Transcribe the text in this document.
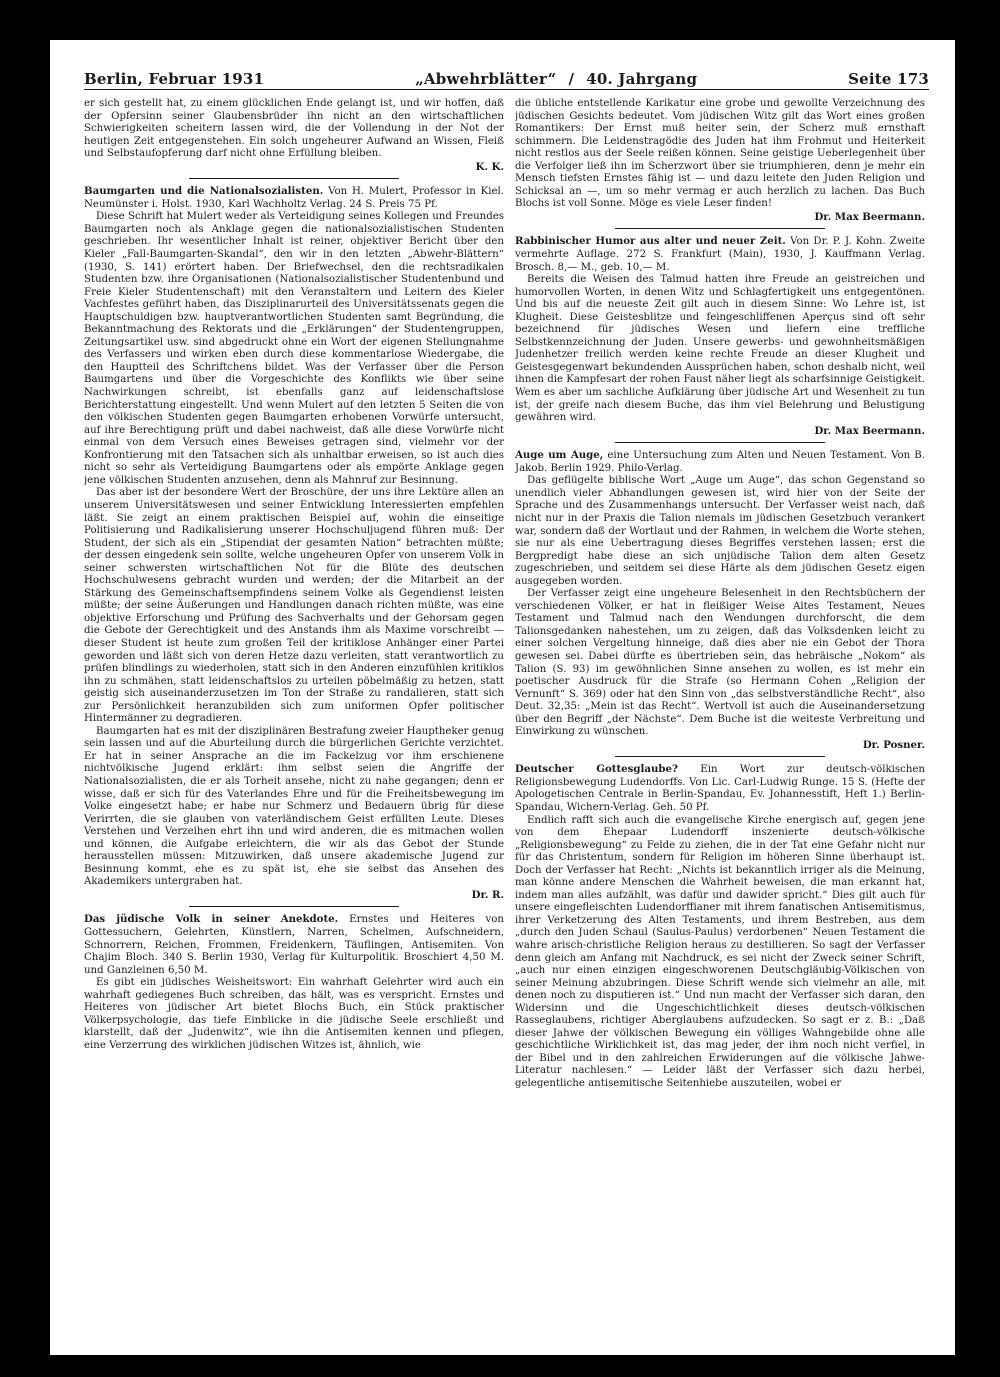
Berlin, Februar 1931	„Abwehrblätter“ / 40. Jahrgang	Seite 173

er sich gestellt hat, zu einem glücklichen Ende gelangt ist, und wir hoffen, daß der Opfersinn seiner Glaubensbrüder ihn nicht an den wirtschaftlichen Schwierigkeiten scheitern lassen wird, die der Vollendung in der Not der heutigen Zeit entgegenstehen. Ein solch ungeheurer Aufwand an Wissen, Fleiß und Selbstaufopferung darf nicht ohne Erfüllung bleiben.

K. K.

Baumgarten und die Nationalsozialisten. Von H. Mulert, Professor in Kiel. Neumünster i. Holst. 1930, Karl Wachholtz Verlag. 24 S. Preis 75 Pf.

Diese Schrift hat Mulert weder als Verteidigung seines Kollegen und Freundes Baumgarten noch als Anklage gegen die nationalsozialistischen Studenten geschrieben. Ihr wesentlicher Inhalt ist reiner, objektiver Bericht über den Kieler „Fall-Baumgarten-Skandal“, den wir in den letzten „Abwehr-Blättern“ (1930, S. 141) erörtert haben. Der Briefwechsel, den die rechtsradikalen Studenten bzw. ihre Organisationen (Nationalsozialistischer Studentenbund und Freie Kieler Studentenschaft) mit den Veranstaltern und Leitern des Kieler Vachfestes geführt haben, das Disziplinarurteil des Universitätssenats gegen die Hauptschuldigen bzw. hauptverantwortlichen Studenten samt Begründung, die Bekanntmachung des Rektorats und die „Erklärungen“ der Studentengruppen, Zeitungsartikel usw. sind abgedruckt ohne ein Wort der eigenen Stellungnahme des Verfassers und wirken eben durch diese kommentarlose Wiedergabe, die den Hauptteil des Schriftchens bildet. Was der Verfasser über die Person Baumgartens und über die Vorgeschichte des Konflikts wie über seine Nachwirkungen schreibt, ist ebenfalls ganz auf leidenschaftslose Berichterstattung eingestellt. Und wenn Mulert auf den letzten 5 Seiten die von den völkischen Studenten gegen Baumgarten erhobenen Vorwürfe untersucht, auf ihre Berechtigung prüft und dabei nachweist, daß alle diese Vorwürfe nicht einmal von dem Versuch eines Beweises getragen sind, vielmehr vor der Konfrontierung mit den Tatsachen sich als unhaltbar erweisen, so ist auch dies nicht so sehr als Verteidigung Baumgartens oder als empörte Anklage gegen jene völkischen Studenten anzusehen, denn als Mahnruf zur Besinnung.

Das aber ist der besondere Wert der Broschüre, der uns ihre Lektüre allen an unserem Universitätswesen und seiner Entwicklung Interessierten empfehlen läßt. Sie zeigt an einem praktischen Beispiel auf, wohin die einseitige Politisierung und Radikalisierung unserer Hochschuljugend führen muß: Der Student, der sich als ein „Stipendiat der gesamten Nation“ betrachten müßte; der dessen eingedenk sein sollte, welche ungeheuren Opfer von unserem Volk in seiner schwersten wirtschaftlichen Not für die Blüte des deutschen Hochschulwesens gebracht wurden und werden; der die Mitarbeit an der Stärkung des Gemeinschaftsempfindens seinem Volke als Gegendienst leisten müßte; der seine Äußerungen und Handlungen danach richten müßte, was eine objektive Erforschung und Prüfung des Sachverhalts und der Gehorsam gegen die Gebote der Gerechtigkeit und des Anstands ihm als Maxime vorschreibt — dieser Student ist heute zum großen Teil der kritiklose Anhänger einer Partei geworden und läßt sich von deren Hetze dazu verleiten, statt verantwortlich zu prüfen blindlings zu wiederholen, statt sich in den Anderen einzufühlen kritiklos ihn zu schmähen, statt leidenschaftslos zu urteilen pöbelmäßig zu hetzen, statt geistig sich auseinanderzusetzen im Ton der Straße zu randalieren, statt sich zur Persönlichkeit heranzubilden sich zum uniformen Opfer politischer Hintermänner zu degradieren.

Baumgarten hat es mit der disziplinären Bestrafung zweier Hauptheker genug sein lassen und auf die Aburteilung durch die bürgerlichen Gerichte verzichtet. Er hat in seiner Ansprache an die im Fackelzug vor ihm erschienene nichtvölkische Jugend erklärt: ihm selbst seien die Angriffe der Nationalsozialisten, die er als Torheit ansehe, nicht zu nahe gegangen; denn er wisse, daß er sich für des Vaterlandes Ehre und für die Freiheitsbewegung im Volke eingesetzt habe; er habe nur Schmerz und Bedauern übrig für diese Verirrten, die sie glauben von vaterländischem Geist erfüllten Leute. Dieses Verstehen und Verzeihen ehrt ihn und wird anderen, die es mitmachen wollen und können, die Aufgabe erleichtern, die wir als das Gebot der Stunde herausstellen müssen: Mitzuwirken, daß unsere akademische Jugend zur Besinnung kommt, ehe es zu spät ist, ehe sie selbst das Ansehen des Akademikers untergraben hat.

Dr. R.

Das jüdische Volk in seiner Anekdote. Ernstes und Heiteres von Gottessuchern, Gelehrten, Künstlern, Narren, Schelmen, Aufschneidern, Schnorrern, Reichen, Frommen, Freidenkern, Täuflingen, Antisemiten. Von Chajim Bloch. 340 S. Berlin 1930, Verlag für Kulturpolitik. Broschiert 4,50 M. und Ganzleinen 6,50 M.

Es gibt ein jüdisches Weisheitswort: Ein wahrhaft Gelehrter wird auch ein wahrhaft gediegenes Buch schreiben, das hält, was es verspricht. Ernstes und Heiteres von jüdischer Art bietet Blochs Buch, ein Stück praktischer Völkerpsychologie, das tiefe Einblicke in die jüdische Seele erschließt und klarstellt, daß der „Judenwitz“, wie ihn die Antisemiten kennen und pflegen, eine Verzerrung des wirklichen jüdischen Witzes ist, ähnlich, wie

die übliche entstellende Karikatur eine grobe und gewollte Verzeichnung des jüdischen Gesichts bedeutet. Vom jüdischen Witz gilt das Wort eines großen Romantikers: Der Ernst muß heiter sein, der Scherz muß ernsthaft schimmern. Die Leidenstragödie des Juden hat ihm Frohmut und Heiterkeit nicht restlos aus der Seele reißen können. Seine geistige Ueberlegenheit über die Verfolger ließ ihn im Scherzwort über sie triumphieren, denn je mehr ein Mensch tiefsten Ernstes fähig ist — und dazu leitete den Juden Religion und Schicksal an —, um so mehr vermag er auch herzlich zu lachen. Das Buch Blochs ist voll Sonne. Möge es viele Leser finden!

Dr. Max Beermann.

Rabbinischer Humor aus alter und neuer Zeit. Von Dr. P. J. Kohn. Zweite vermehrte Auflage. 272 S. Frankfurt (Main), 1930, J. Kauffmann Verlag. Brosch. 8,— M., geb. 10,— M.

Bereits die Weisen des Talmud hatten ihre Freude an geistreichen und humorvollen Worten, in denen Witz und Schlagfertigkeit uns entgegentönen. Und bis auf die neueste Zeit gilt auch in diesem Sinne: Wo Lehre ist, ist Klugheit. Diese Geistesblitze und feingeschliffenen Aperçus sind oft sehr bezeichnend für jüdisches Wesen und liefern eine treffliche Selbstkennzeichnung der Juden. Unsere gewerbs- und gewohnheitsmäßigen Judenhetzer freilich werden keine rechte Freude an dieser Klugheit und Geistesgegenwart bekundenden Aussprüchen haben, schon deshalb nicht, weil ihnen die Kampfesart der rohen Faust näher liegt als scharfsinnige Geistigkeit. Wem es aber um sachliche Aufklärung über jüdische Art und Wesenheit zu tun ist, der greife nach diesem Buche, das ihm viel Belehrung und Belustigung gewähren wird.

Dr. Max Beermann.

Auge um Auge, eine Untersuchung zum Alten und Neuen Testament. Von B. Jakob. Berlin 1929. Philo-Verlag.

Das geflügelte biblische Wort „Auge um Auge“, das schon Gegenstand so unendlich vieler Abhandlungen gewesen ist, wird hier von der Seite der Sprache und des Zusammenhangs untersucht. Der Verfasser weist nach, daß nicht nur in der Praxis die Talion niemals im jüdischen Gesetzbuch verankert war, sondern daß der Wortlaut und der Rahmen, in welchem die Worte stehen, sie nur als eine Uebertragung dieses Begriffes verstehen lassen; erst die Bergpredigt habe diese an sich unjüdische Talion dem alten Gesetz zugeschrieben, und seitdem sei diese Härte als dem jüdischen Gesetz eigen ausgegeben worden.

Der Verfasser zeigt eine ungeheure Belesenheit in den Rechtsbüchern der verschiedenen Völker, er hat in fleißiger Weise Altes Testament, Neues Testament und Talmud nach den Wendungen durchforscht, die dem Talionsgedanken nahestehen, um zu zeigen, daß das Volksdenken leicht zu einer solchen Vergeltung hinneige, daß dies aber nie ein Gebot der Thora gewesen sei. Dabei dürfte es übertrieben sein, das hebräische „Nokom“ als Talion (S. 93) im gewöhnlichen Sinne ansehen zu wollen, es ist mehr ein poetischer Ausdruck für die Strafe (so Hermann Cohen „Religion der Vernunft“ S. 369) oder hat den Sinn von „das selbstverständliche Recht“, also Deut. 32,35: „Mein ist das Recht“. Wertvoll ist auch die Auseinandersetzung über den Begriff „der Nächste“. Dem Buche ist die weiteste Verbreitung und Einwirkung zu wünschen.

Dr. Posner.

Deutscher Gottesglaube? Ein Wort zur deutsch-völkischen Religionsbewegung Ludendorffs. Von Lic. Carl-Ludwig Runge. 15 S. (Hefte der Apologetischen Centrale in Berlin-Spandau, Ev. Johannesstift, Heft 1.) Berlin-Spandau, Wichern-Verlag. Geh. 50 Pf.

Endlich rafft sich auch die evangelische Kirche energisch auf, gegen jene von dem Ehepaar Ludendorff inszenierte deutsch-völkische „Religionsbewegung“ zu Felde zu ziehen, die in der Tat eine Gefahr nicht nur für das Christentum, sondern für Religion im höheren Sinne überhaupt ist. Doch der Verfasser hat Recht: „Nichts ist bekanntlich irriger als die Meinung, man könne andere Menschen die Wahrheit beweisen, die man erkannt hat, indem man alles aufzählt, was dafür und dawider spricht.“ Dies gilt auch für unsere eingefleischten Ludendorffianer mit ihrem fanatischen Antisemitismus, ihrer Verketzerung des Alten Testaments, und ihrem Bestreben, aus dem „durch den Juden Schaul (Saulus-Paulus) verdorbenen“ Neuen Testament die wahre arisch-christliche Religion heraus zu destillieren. So sagt der Verfasser denn gleich am Anfang mit Nachdruck, es sei nicht der Zweck seiner Schrift, „auch nur einen einzigen eingeschworenen Deutschgläubig-Völkischen von seiner Meinung abzubringen. Diese Schrift wende sich vielmehr an alle, mit denen noch zu disputieren ist.“ Und nun macht der Verfasser sich daran, den Widersinn und die Ungeschichtlichkeit dieses deutsch-völkischen Rasseglaubens, richtiger Aberglaubens aufzudecken. So sagt er z. B.: „Daß dieser Jahwe der völkischen Bewegung ein völliges Wahngebilde ohne alle geschichtliche Wirklichkeit ist, das mag jeder, der ihm noch nicht verfiel, in der Bibel und in den zahlreichen Erwiderungen auf die völkische Jahwe-Literatur nachlesen.“ — Leider läßt der Verfasser sich dazu herbei, gelegentliche antisemitische Seitenhiebe auszuteilen, wobei er
